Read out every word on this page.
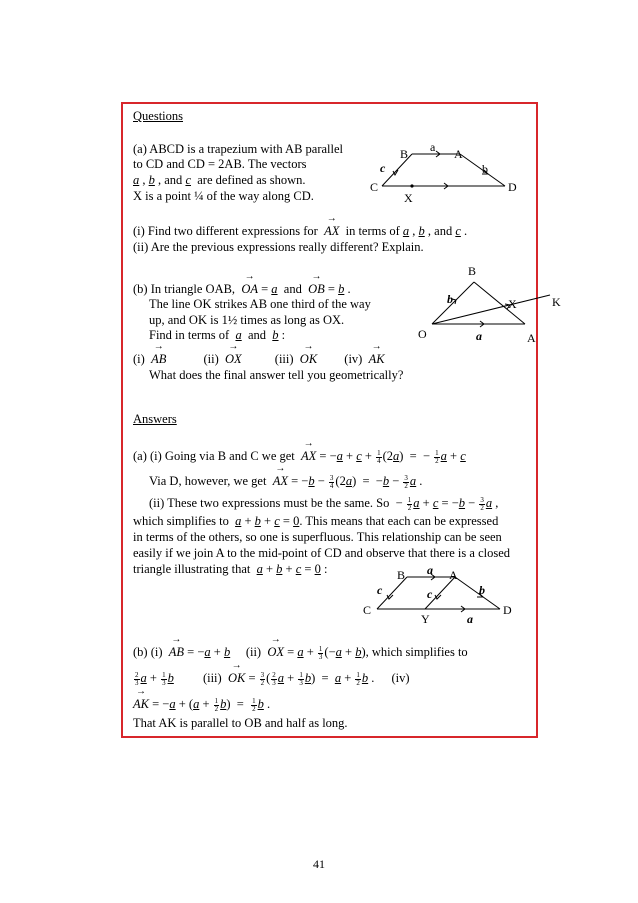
Questions
(a) ABCD is a trapezium with AB parallel
to CD and CD = 2AB. The vectors
a , b , and c are defined as shown.
X is a point ¼ of the way along CD.
B	A
C	D
X
a
b
c
(i) Find two different expressions for → AX in terms of a , b , and c .
(ii) Are the previous expressions really different? Explain.
(b) In triangle OAB, → OA = a  and  → OB = b .
The line OK strikes AB one third of the way
up, and OK is 1½ times as long as OX.
Find in terms of a  and  b :
B
O	A
X	K
a
b
(i) → AB	(ii) → OX	(iii) → OK (iv) → AK
What does the final answer tell you geometrically?
Answers
(a) (i) Going via B and C we get → AX = $-a + c + \frac{1}{4} (2a)$  =  − $\frac{1}{2}$ a + c
Via D, however, we get → AX = $-b - \frac{3}{4} (2a) = -b - \frac{3}{2}$ a .
(ii) These two expressions must be the same. $So - \frac{1}{2}$ $a + c = -b - \frac{3}{2}$ a ,
which simplifies to a + b + c = 0. This means that each can be expressed
in terms of the others, so one is superfluous. This relationship can be seen
easily if we join A to the mid-point of CD and observe that there is a closed
triangle illustrating that a + b + c = 0 :	B	A
C	D
Y
a
b
c	c
a
(b) (i) → AB = −a + b (ii) → OX = $a + \frac{1}{3} (-a + b)$, which simplifies to
$\frac{2}{3}$ $a + \frac{1}{3}$ b (iii) → OK = $\frac{3}{2}$ ( $\frac{2}{3}$ $a + \frac{1}{3} b) = a + \frac{1}{2}$ b . (iv)
→ AK = $-a + (a + \frac{1}{2} b) = \frac{1}{2}$ b .
That AK is parallel to OB and half as long.
41
